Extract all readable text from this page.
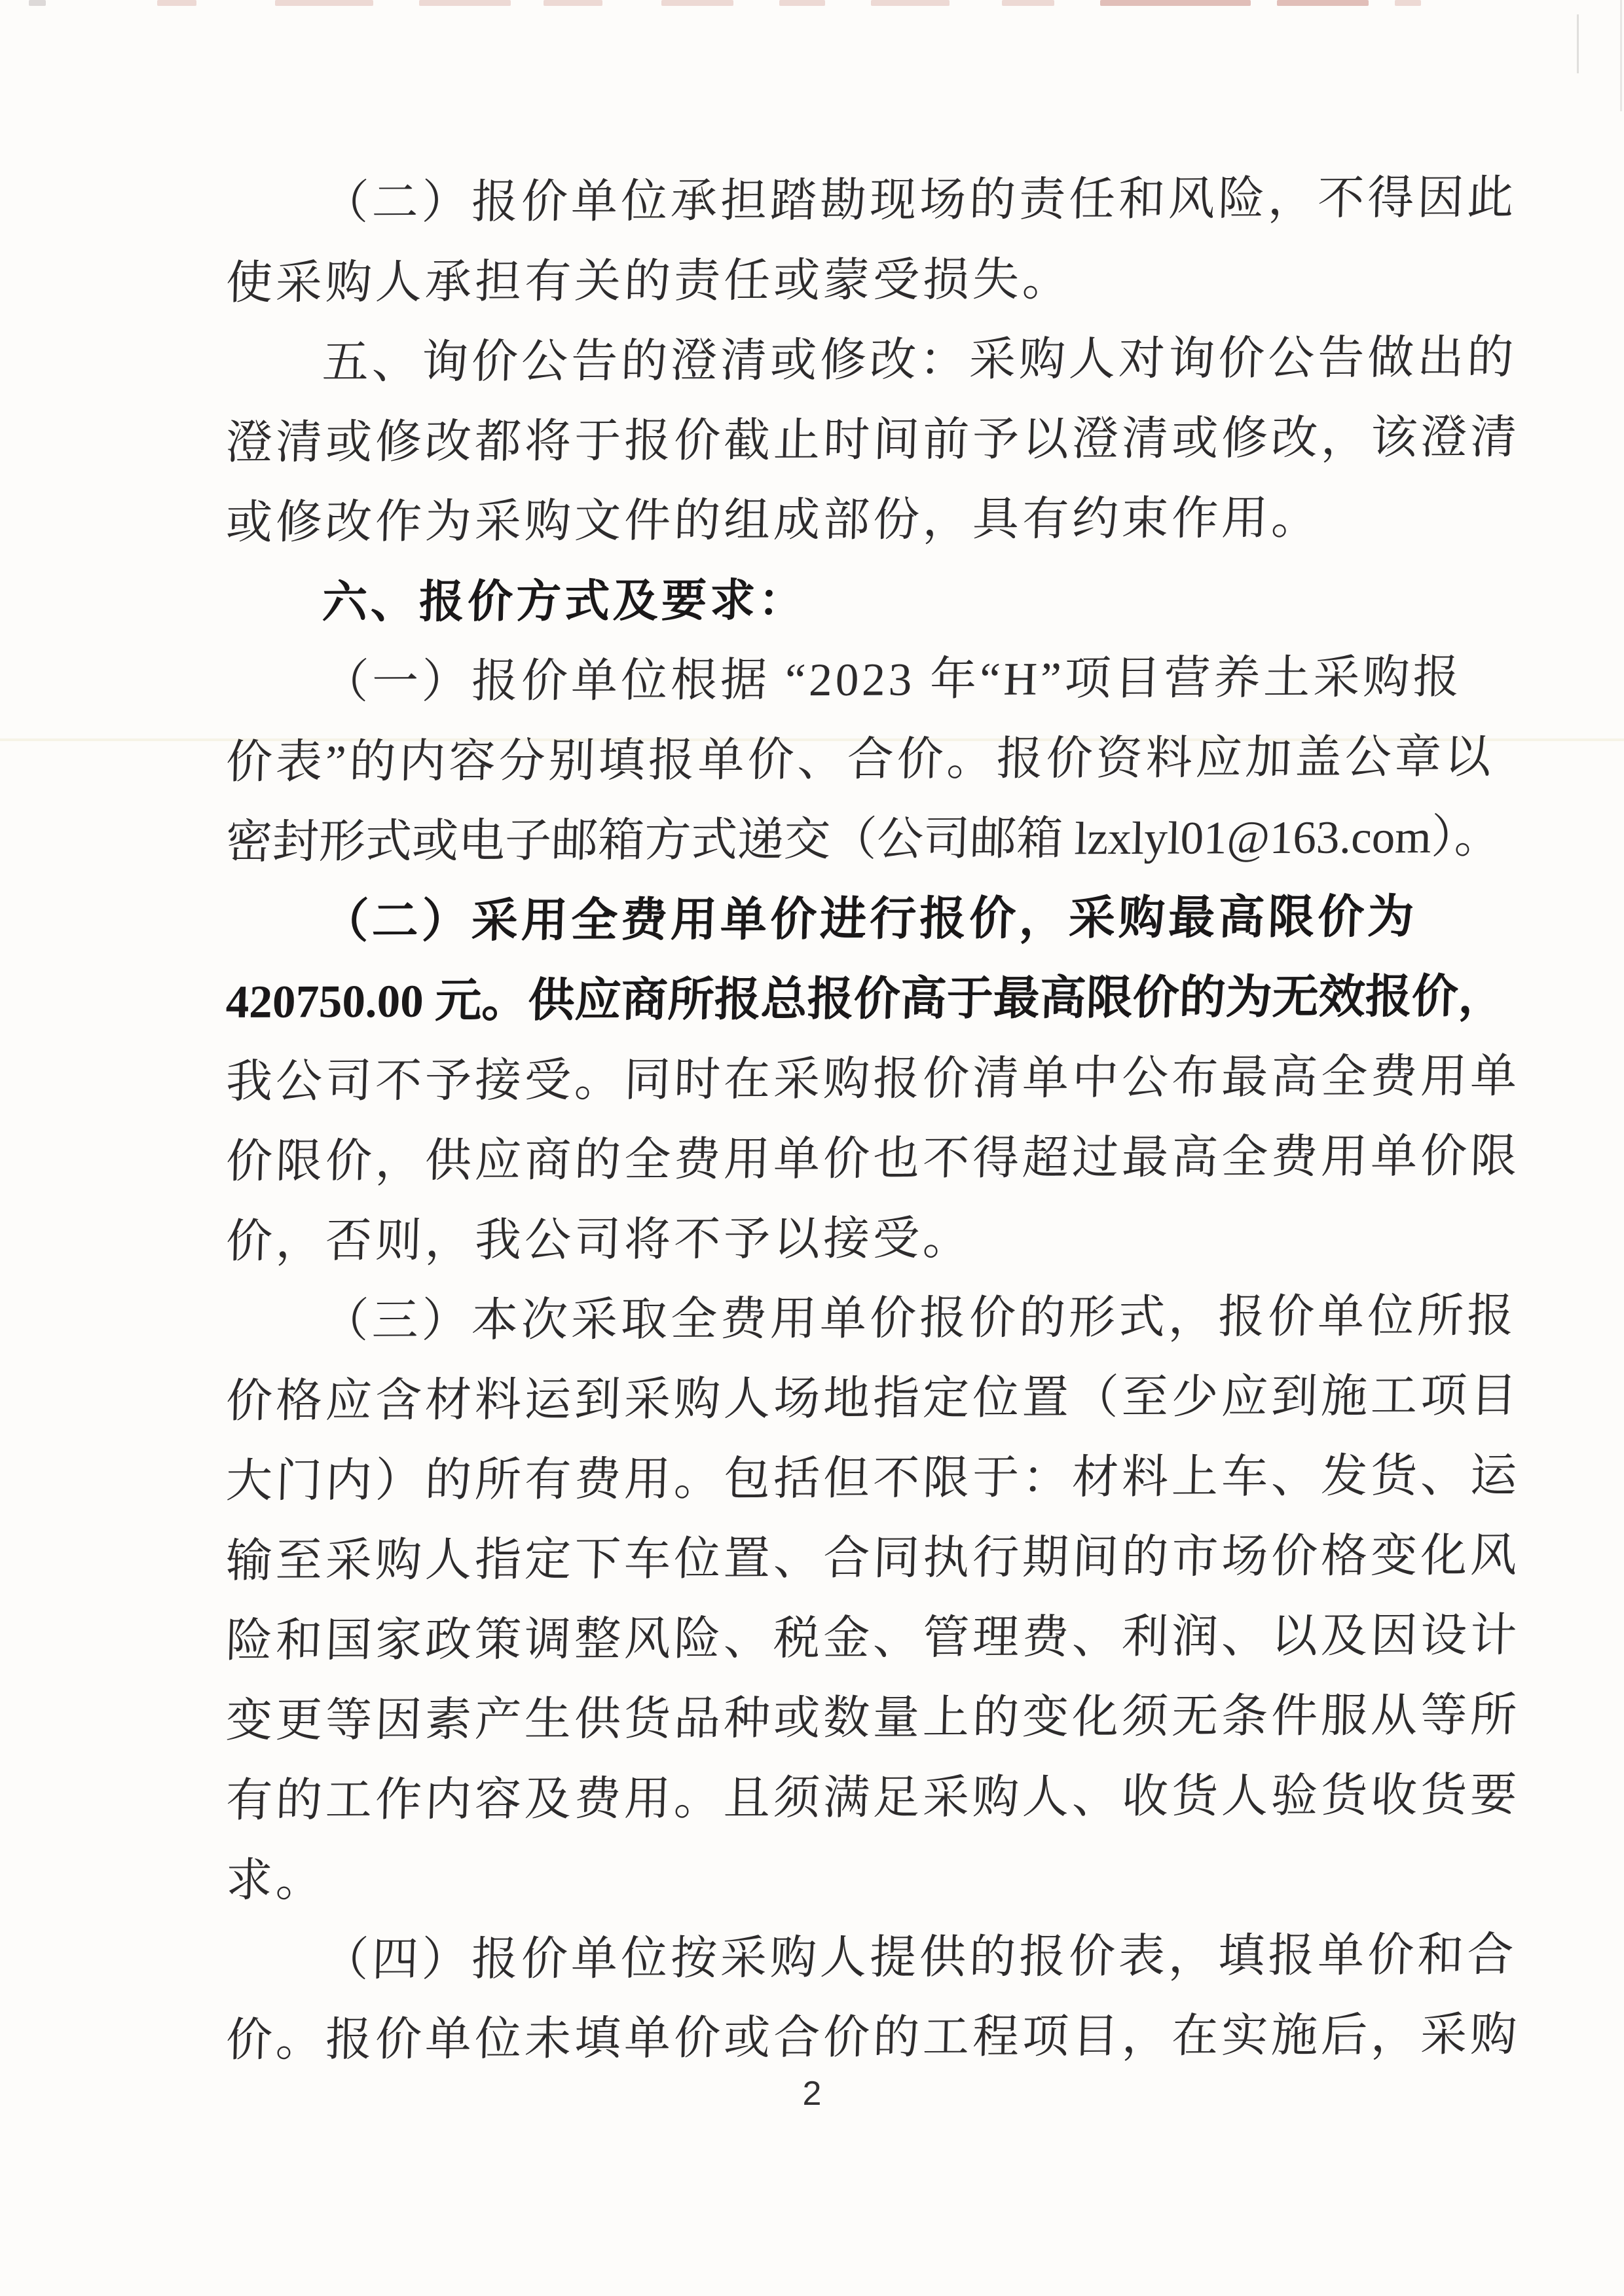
（二）报价单位承担踏勘现场的责任和风险，不得因此
使采购人承担有关的责任或蒙受损失。
五、询价公告的澄清或修改：采购人对询价公告做出的
澄清或修改都将于报价截止时间前予以澄清或修改，该澄清
或修改作为采购文件的组成部份，具有约束作用。
六、报价方式及要求：
（一）报价单位根据 “2023 年“H”项目营养土采购报
价表”的内容分别填报单价、合价。报价资料应加盖公章以
密封形式或电子邮箱方式递交（公司邮箱 lzxlyl01@163.com）。
（二）采用全费用单价进行报价，采购最高限价为
420750.00 元。供应商所报总报价高于最高限价的为无效报价，
我公司不予接受。同时在采购报价清单中公布最高全费用单
价限价，供应商的全费用单价也不得超过最高全费用单价限
价，否则，我公司将不予以接受。
（三）本次采取全费用单价报价的形式，报价单位所报
价格应含材料运到采购人场地指定位置（至少应到施工项目
大门内）的所有费用。包括但不限于：材料上车、发货、运
输至采购人指定下车位置、合同执行期间的市场价格变化风
险和国家政策调整风险、税金、管理费、利润、以及因设计
变更等因素产生供货品种或数量上的变化须无条件服从等所
有的工作内容及费用。且须满足采购人、收货人验货收货要
求。
（四）报价单位按采购人提供的报价表，填报单价和合
价。报价单位未填单价或合价的工程项目，在实施后，采购
2
